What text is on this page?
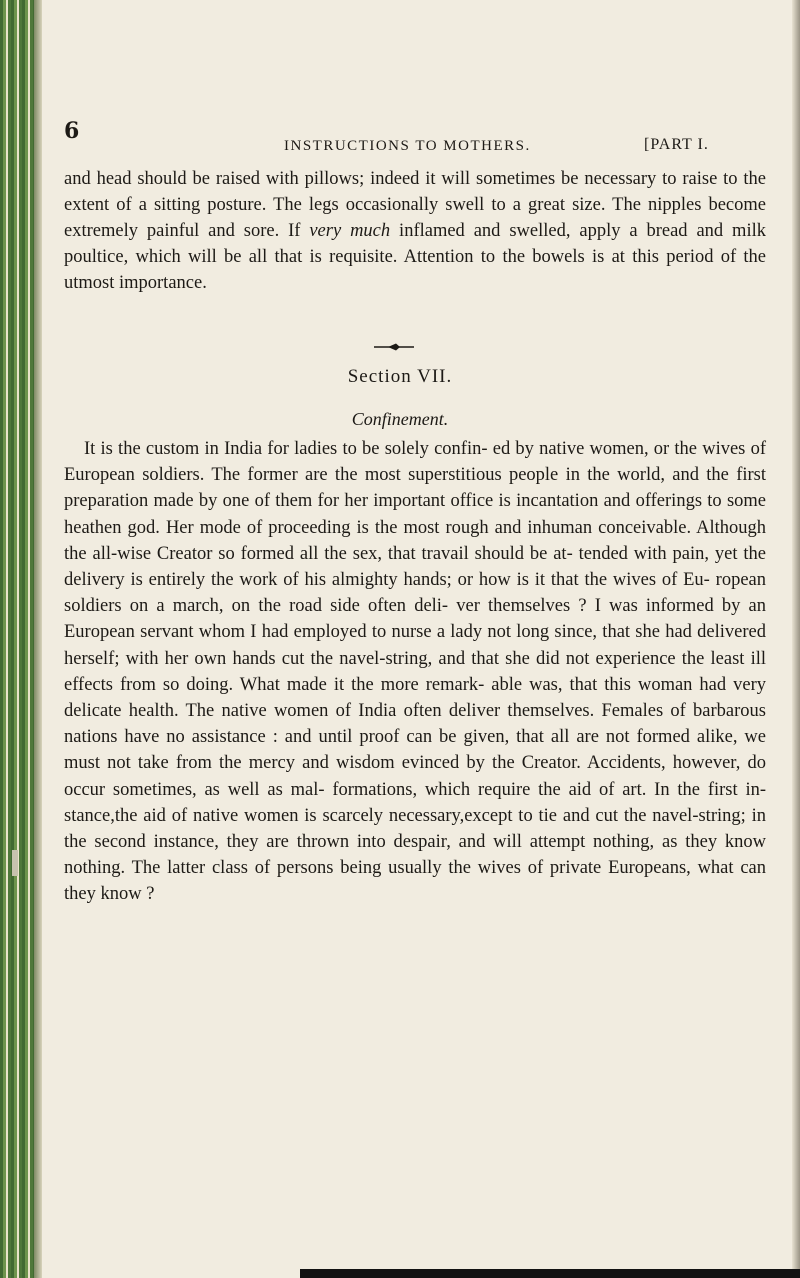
6
INSTRUCTIONS TO MOTHERS.	[PART I.
and head should be raised with pillows; indeed it will sometimes be necessary to raise to the extent of a sitting posture. The legs occasionally swell to a great size. The nipples become extremely painful and sore. If very much inflamed and swelled, apply a bread and milk poultice, which will be all that is requisite. Attention to the bowels is at this period of the utmost importance.
Section VII.
Confinement.
It is the custom in India for ladies to be solely confin- ed by native women, or the wives of European soldiers. The former are the most superstitious people in the world, and the first preparation made by one of them for her important office is incantation and offerings to some heathen god. Her mode of proceeding is the most rough and inhuman conceivable. Although the all-wise Creator so formed all the sex, that travail should be at- tended with pain, yet the delivery is entirely the work of his almighty hands; or how is it that the wives of Eu- ropean soldiers on a march, on the road side often deli- ver themselves ? I was informed by an European servant whom I had employed to nurse a lady not long since, that she had delivered herself; with her own hands cut the navel-string, and that she did not experience the least ill effects from so doing. What made it the more remark- able was, that this woman had very delicate health. The native women of India often deliver themselves. Females of barbarous nations have no assistance : and until proof can be given, that all are not formed alike, we must not take from the mercy and wisdom evinced by the Creator. Accidents, however, do occur sometimes, as well as mal- formations, which require the aid of art. In the first in- stance,the aid of native women is scarcely necessary,except to tie and cut the navel-string; in the second instance, they are thrown into despair, and will attempt nothing, as they know nothing. The latter class of persons being usually the wives of private Europeans, what can they know ?
